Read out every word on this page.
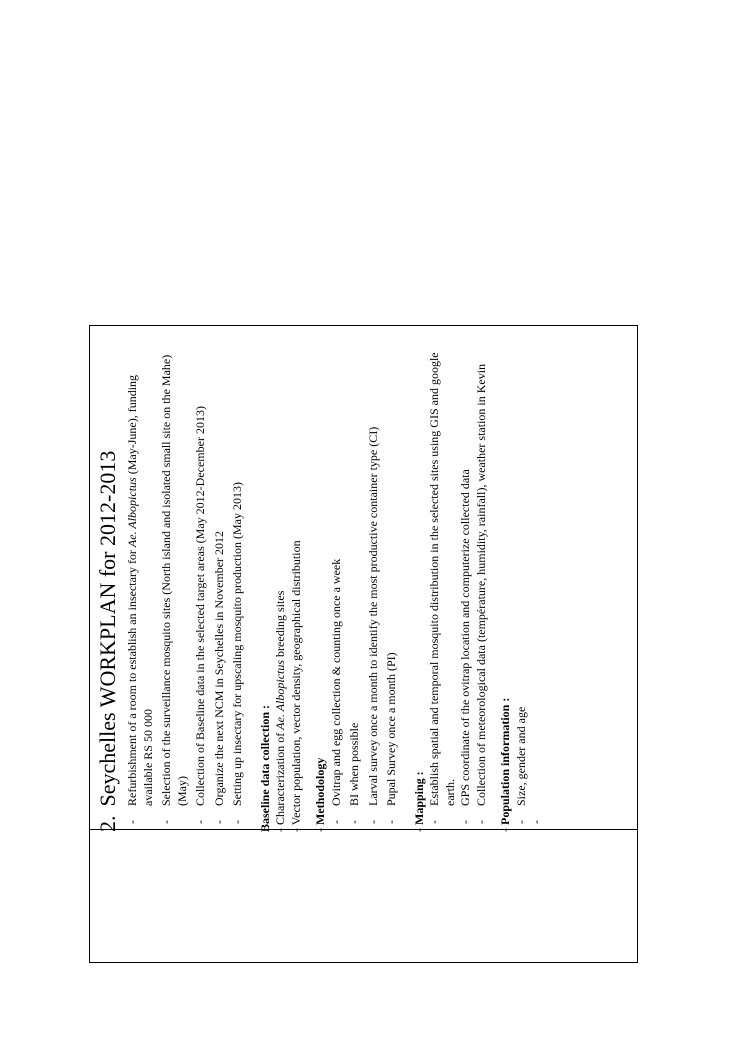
2. Seychelles WORKPLAN for 2012-2013
-
Refurbishment of a room to establish an insectary for Ae. Albopictus (May-June), funding available RS 50 000
-
Selection of the surveillance mosquito sites (North island and isolated small site on the Mahe) (May)
-
Collection of Baseline data in the selected target areas (May 2012-December 2013)
-
Organize the next NCM in Seychelles in November 2012
-
Setting up insectary for upscaling mosquito production (May 2013) Baseline data collection : - Characterization of Ae. Albopictus breeding sites - Vector population, vector density, geographical distribution - Methodology -
Ovitrap and egg collection & counting once a week
-
BI when possible
-
Larval survey once a month to identify the most productive container type (CI)
-
Pupal Survey once a month (PI)

- Mapping : -
Establish spatial and temporal mosquito distribution in the selected sites using GIS and google earth.
-
GPS coordinate of the ovitrap location and computerize collected data
-
Collection of meteorological data (température, humidity, rainfall), weather station in Kevin

- Population information : -
Size, gender and age
-
